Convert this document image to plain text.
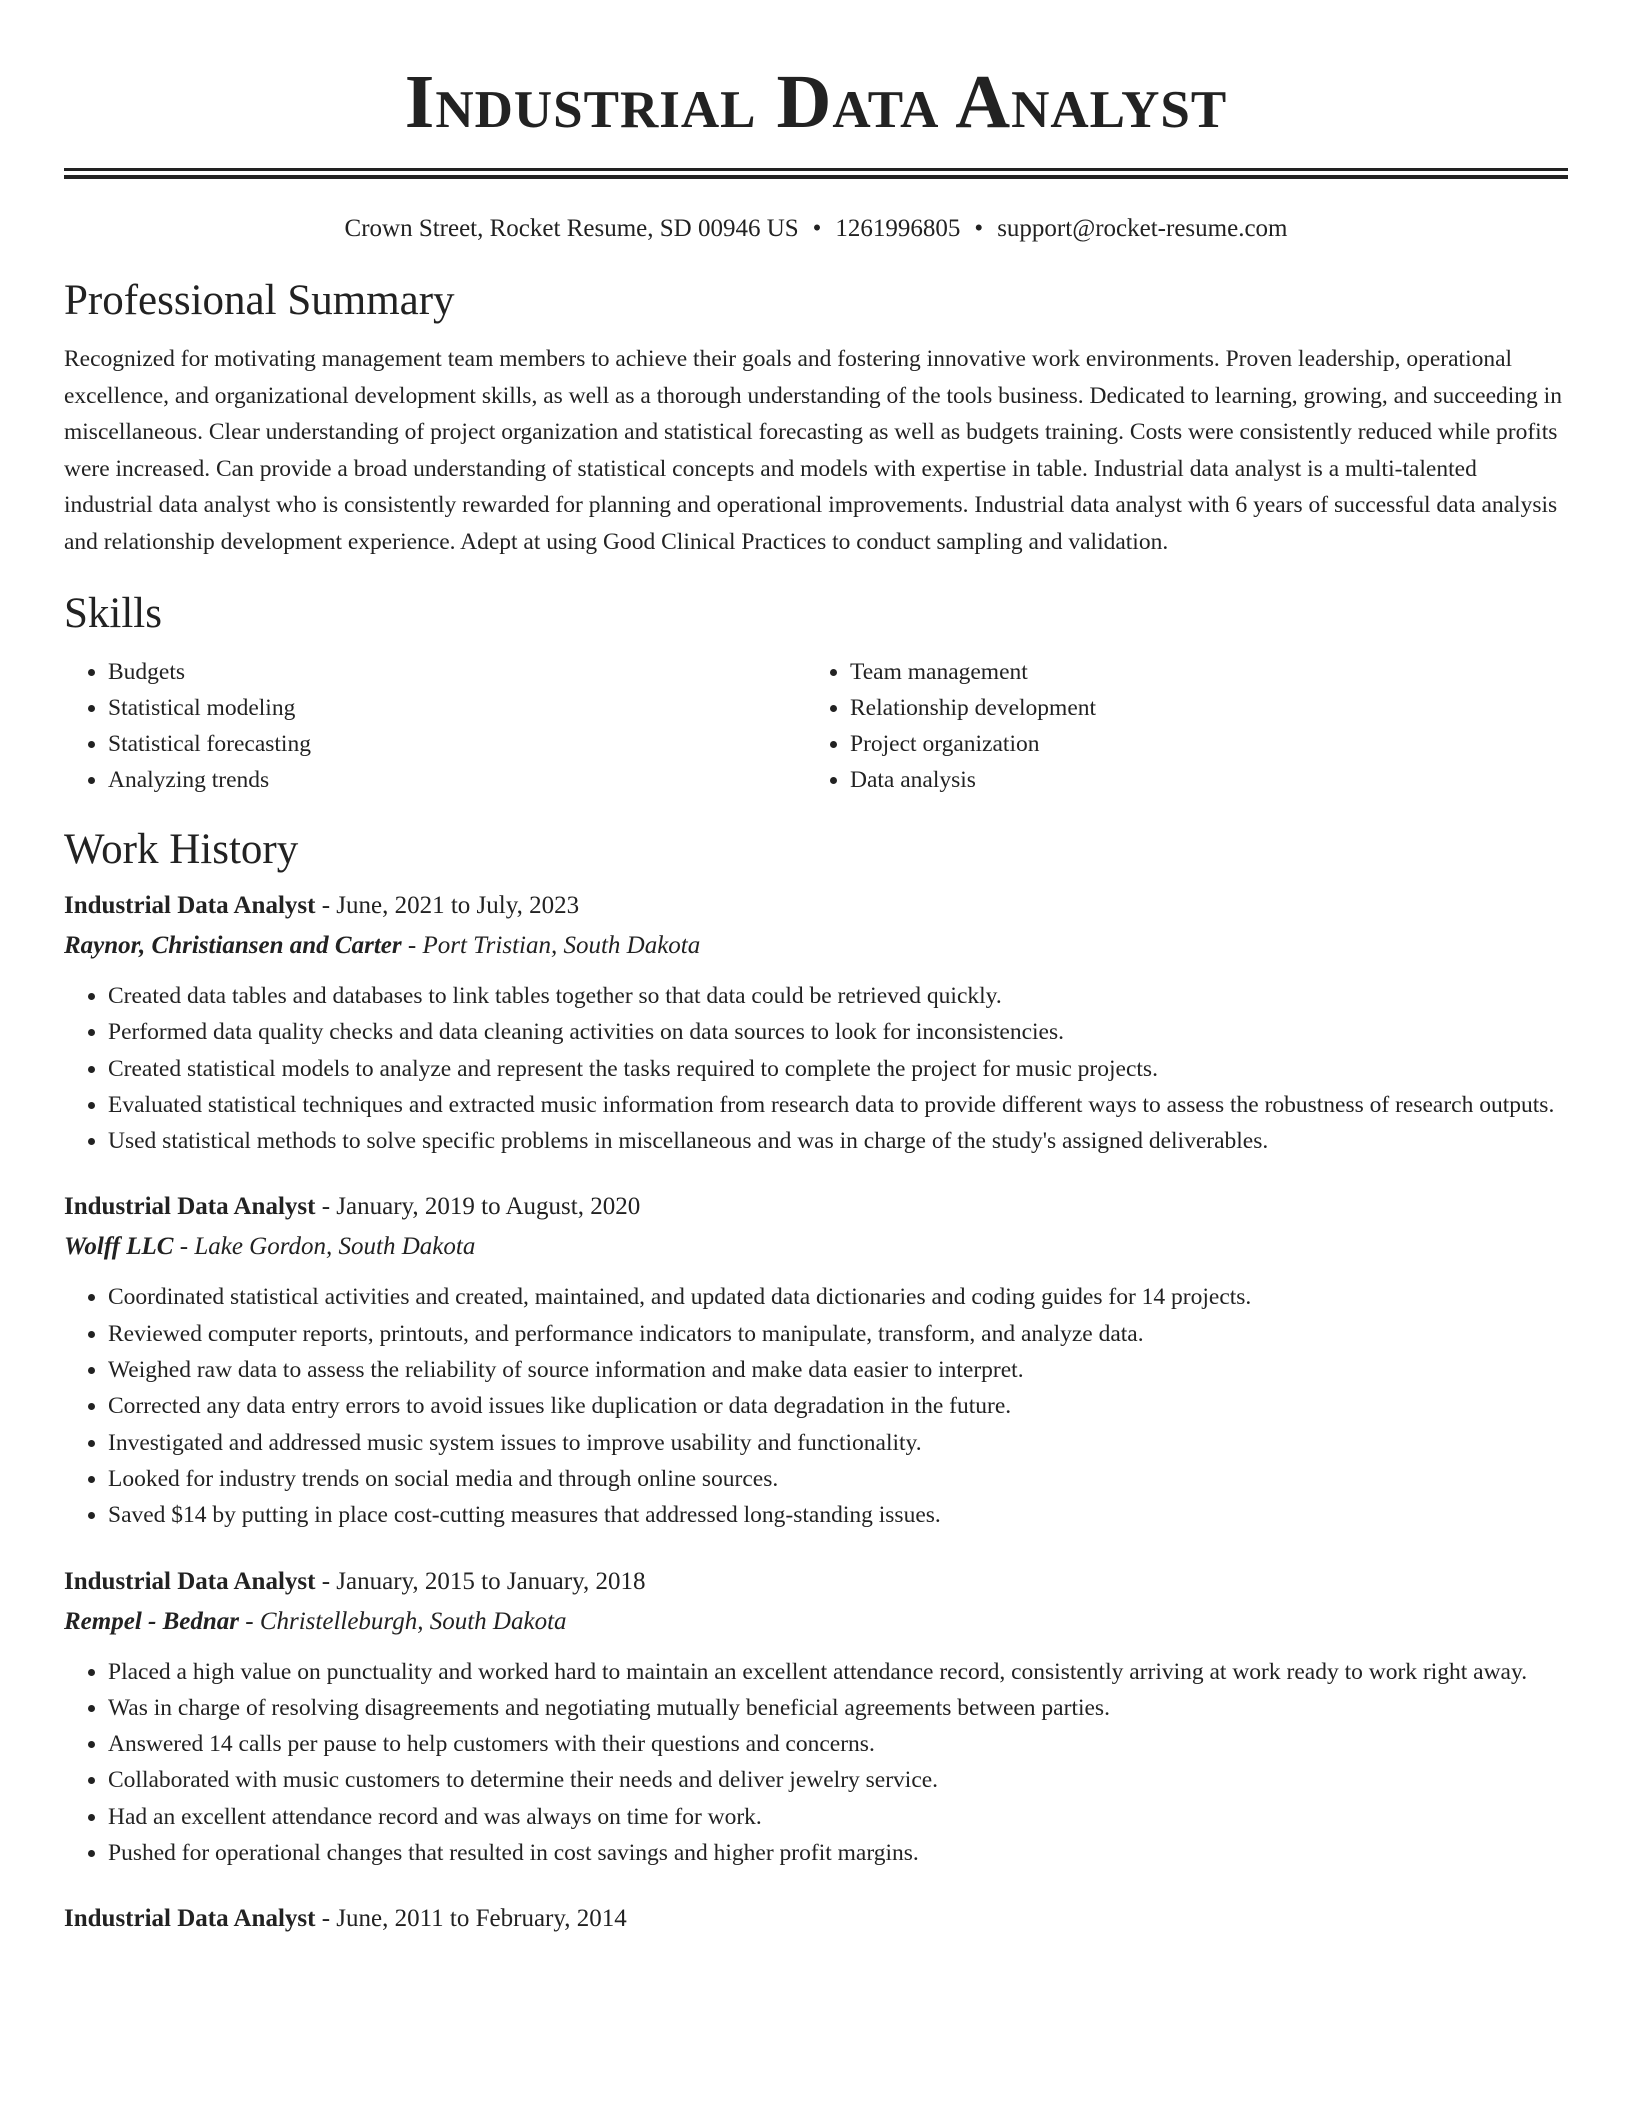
Industrial Data Analyst
Crown Street, Rocket Resume, SD 00946 US • 1261996805 • support@rocket-resume.com
Professional Summary
Recognized for motivating management team members to achieve their goals and fostering innovative work environments. Proven leadership, operational excellence, and organizational development skills, as well as a thorough understanding of the tools business. Dedicated to learning, growing, and succeeding in miscellaneous. Clear understanding of project organization and statistical forecasting as well as budgets training. Costs were consistently reduced while profits were increased. Can provide a broad understanding of statistical concepts and models with expertise in table. Industrial data analyst is a multi-talented industrial data analyst who is consistently rewarded for planning and operational improvements. Industrial data analyst with 6 years of successful data analysis and relationship development experience. Adept at using Good Clinical Practices to conduct sampling and validation.
Skills
• Budgets
• Statistical modeling
• Statistical forecasting
• Analyzing trends
• Team management
• Relationship development
• Project organization
• Data analysis
Work History
Industrial Data Analyst - June, 2021 to July, 2023
Raynor, Christiansen and Carter - Port Tristian, South Dakota
• Created data tables and databases to link tables together so that data could be retrieved quickly.
• Performed data quality checks and data cleaning activities on data sources to look for inconsistencies.
• Created statistical models to analyze and represent the tasks required to complete the project for music projects.
• Evaluated statistical techniques and extracted music information from research data to provide different ways to assess the robustness of research outputs.
• Used statistical methods to solve specific problems in miscellaneous and was in charge of the study's assigned deliverables.
Industrial Data Analyst - January, 2019 to August, 2020
Wolff LLC - Lake Gordon, South Dakota
• Coordinated statistical activities and created, maintained, and updated data dictionaries and coding guides for 14 projects.
• Reviewed computer reports, printouts, and performance indicators to manipulate, transform, and analyze data.
• Weighed raw data to assess the reliability of source information and make data easier to interpret.
• Corrected any data entry errors to avoid issues like duplication or data degradation in the future.
• Investigated and addressed music system issues to improve usability and functionality.
• Looked for industry trends on social media and through online sources.
• Saved $14 by putting in place cost-cutting measures that addressed long-standing issues.
Industrial Data Analyst - January, 2015 to January, 2018
Rempel - Bednar - Christelleburgh, South Dakota
• Placed a high value on punctuality and worked hard to maintain an excellent attendance record, consistently arriving at work ready to work right away.
• Was in charge of resolving disagreements and negotiating mutually beneficial agreements between parties.
• Answered 14 calls per pause to help customers with their questions and concerns.
• Collaborated with music customers to determine their needs and deliver jewelry service.
• Had an excellent attendance record and was always on time for work.
• Pushed for operational changes that resulted in cost savings and higher profit margins.
Industrial Data Analyst - June, 2011 to February, 2014
